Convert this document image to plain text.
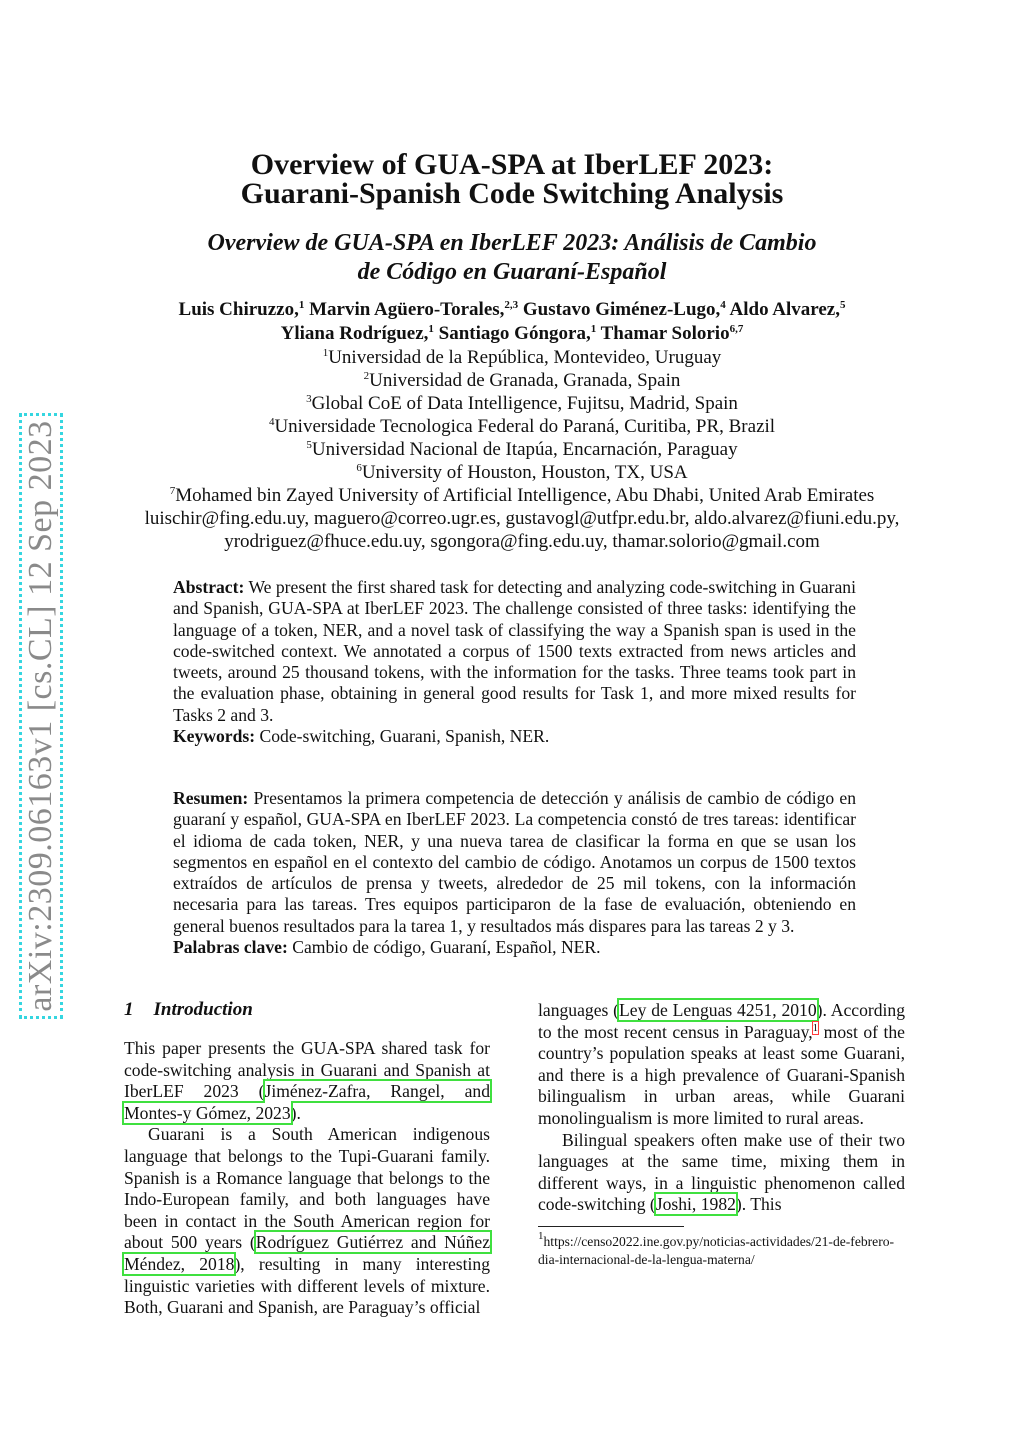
arXiv:2309.06163v1 [cs.CL] 12 Sep 2023
Overview of GUA-SPA at IberLEF 2023:
Guarani-Spanish Code Switching Analysis
Overview de GUA-SPA en IberLEF 2023: Análisis de Cambio
de Código en Guaraní-Español
Luis Chiruzzo,$^1$ Marvin Agüero-Torales,$^{2,3}$ Gustavo Giménez-Lugo,$^4$ Aldo Alvarez,$^5$
Yliana Rodríguez,$^1$ Santiago Góngora,$^1$ Thamar Solorio$^{6,7}$
$^1$Universidad de la República, Montevideo, Uruguay
$^2$Universidad de Granada, Granada, Spain
$^3$Global CoE of Data Intelligence, Fujitsu, Madrid, Spain
$^4$Universidade Tecnologica Federal do Paraná, Curitiba, PR, Brazil
$^5$Universidad Nacional de Itapúa, Encarnación, Paraguay
$^6$University of Houston, Houston, TX, USA
$^7$Mohamed bin Zayed University of Artificial Intelligence, Abu Dhabi, United Arab Emirates
luischir@fing.edu.uy, maguero@correo.ugr.es, gustavogl@utfpr.edu.br, aldo.alvarez@fiuni.edu.py,
yrodriguez@fhuce.edu.uy, sgongora@fing.edu.uy, thamar.solorio@gmail.com

Abstract: We present the first shared task for detecting and analyzing code-switching in Guarani and Spanish, GUA-SPA at IberLEF 2023. The challenge consisted of three tasks: identifying the language of a token, NER, and a novel task of classifying the way a Spanish span is used in the code-switched context. We annotated a corpus of 1500 texts extracted from news articles and tweets, around 25 thousand tokens, with the information for the tasks. Three teams took part in the evaluation phase, obtaining in general good results for Task 1, and more mixed results for Tasks 2 and 3.

Keywords: Code-switching, Guarani, Spanish, NER.

Resumen: Presentamos la primera competencia de detección y análisis de cambio de código en guaraní y español, GUA-SPA en IberLEF 2023. La competencia constó de tres tareas: identificar el idioma de cada token, NER, y una nueva tarea de clasificar la forma en que se usan los segmentos en español en el contexto del cambio de código. Anotamos un corpus de 1500 textos extraídos de artículos de prensa y tweets, alrededor de 25 mil tokens, con la información necesaria para las tareas. Tres equipos participaron de la fase de evaluación, obteniendo en general buenos resultados para la tarea 1, y resultados más dispares para las tareas 2 y 3.

Palabras clave: Cambio de código, Guaraní, Español, NER.

1 Introduction

This paper presents the GUA-SPA shared task for code-switching analysis in Guarani and Spanish at IberLEF 2023 (Jiménez-Zafra, Rangel, and Montes-y Gómez, 2023).

Guarani is a South American indigenous language that belongs to the Tupi-Guarani family. Spanish is a Romance language that belongs to the Indo-European family, and both languages have been in contact in the South American region for about 500 years (Rodríguez Gutiérrez and Núñez Méndez, 2018), resulting in many interesting linguistic varieties with different levels of mixture. Both, Guarani and Spanish, are Paraguay’s official

languages (Ley de Lenguas 4251, 2010). According to the most recent census in Paraguay,$^1$ most of the country’s population speaks at least some Guarani, and there is a high prevalence of Guarani-Spanish bilingualism in urban areas, while Guarani monolingualism is more limited to rural areas.

Bilingual speakers often make use of their two languages at the same time, mixing them in different ways, in a linguistic phenomenon called code-switching (Joshi, 1982). This

$^1$https://censo2022.ine.gov.py/noticias-actividades/21-de-febrero-dia-internacional-de-la-lengua-materna/
